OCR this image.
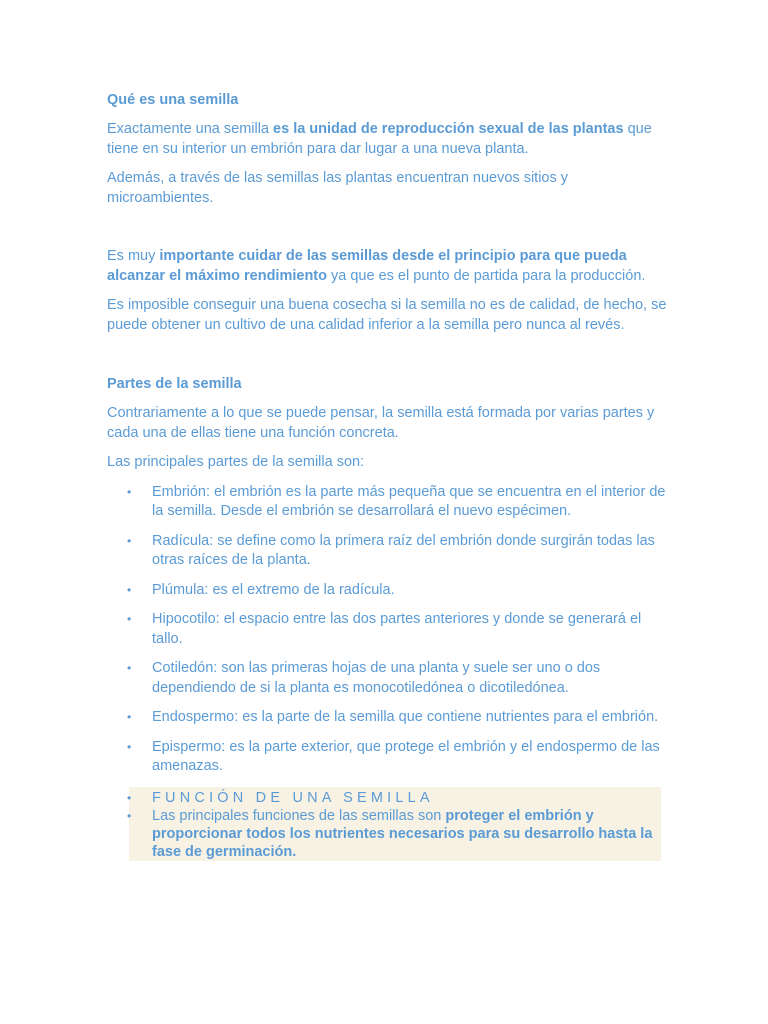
Qué es una semilla

Exactamente una semilla es la unidad de reproducción sexual de las plantas que tiene en su interior un embrión para dar lugar a una nueva planta.

Además, a través de las semillas las plantas encuentran nuevos sitios y microambientes.

Es muy importante cuidar de las semillas desde el principio para que pueda alcanzar el máximo rendimiento ya que es el punto de partida para la producción.

Es imposible conseguir una buena cosecha si la semilla no es de calidad, de hecho, se puede obtener un cultivo de una calidad inferior a la semilla pero nunca al revés.

Partes de la semilla

Contrariamente a lo que se puede pensar, la semilla está formada por varias partes y cada una de ellas tiene una función concreta.

Las principales partes de la semilla son:

• Embrión: el embrión es la parte más pequeña que se encuentra en el interior de la semilla. Desde el embrión se desarrollará el nuevo espécimen.
• Radícula: se define como la primera raíz del embrión donde surgirán todas las otras raíces de la planta.
• Plúmula: es el extremo de la radícula.
• Hipocotilo: el espacio entre las dos partes anteriores y donde se generará el tallo.
• Cotiledón: son las primeras hojas de una planta y suele ser uno o dos dependiendo de si la planta es monocotiledónea o dicotiledónea.
• Endospermo: es la parte de la semilla que contiene nutrientes para el embrión.
• Epispermo: es la parte exterior, que protege el embrión y el endospermo de las amenazas.
• FUNCIÓN DE UNA SEMILLA
• Las principales funciones de las semillas son proteger el embrión y proporcionar todos los nutrientes necesarios para su desarrollo hasta la fase de germinación.
